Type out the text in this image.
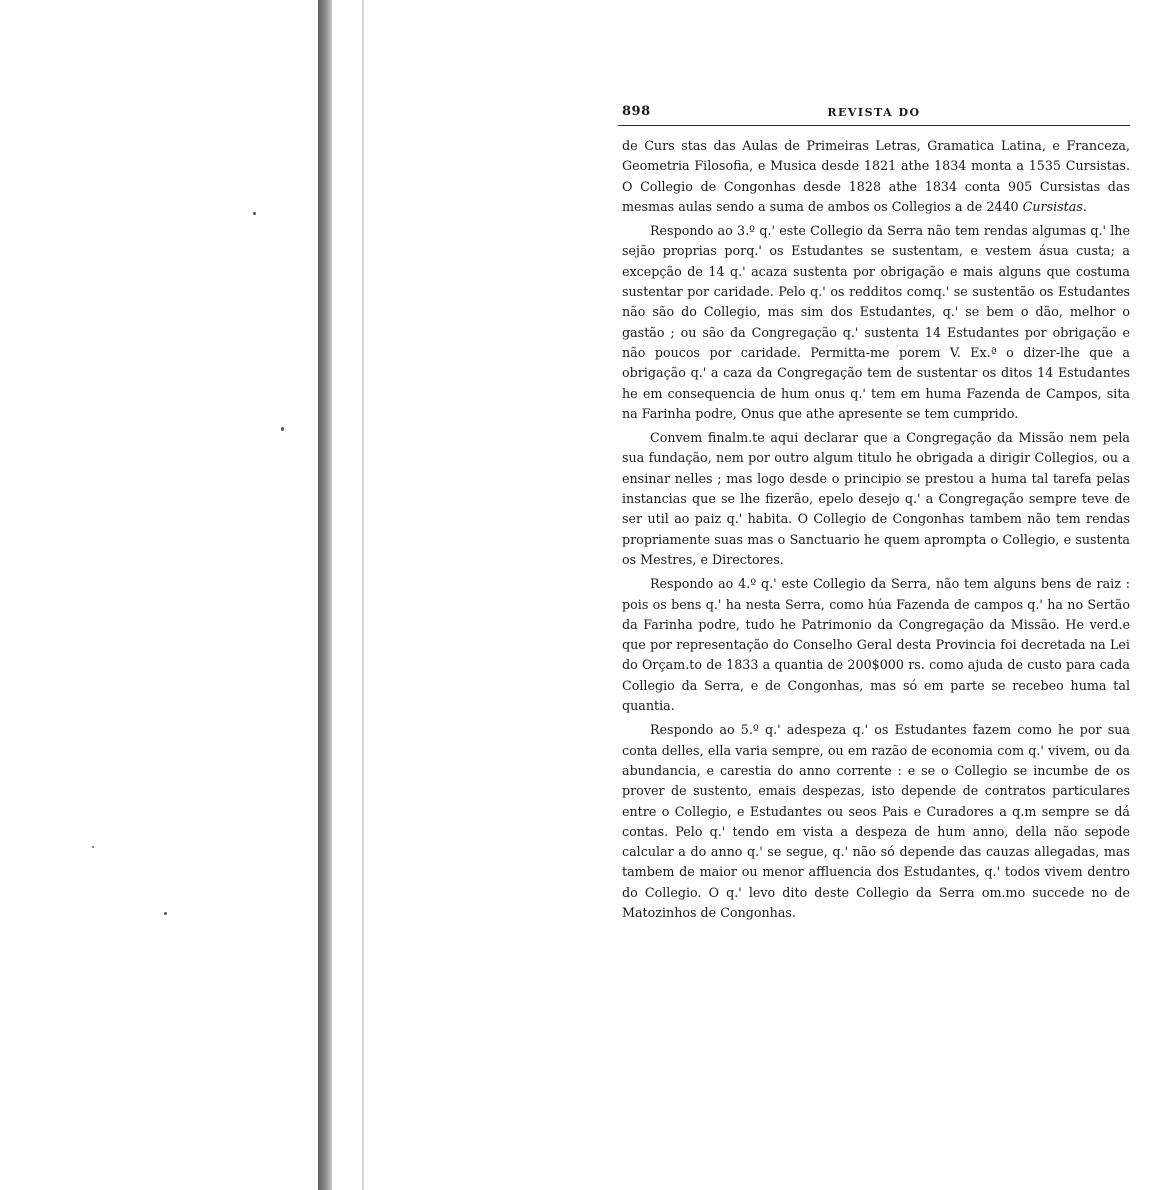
898	REVISTA DO

de Curs stas das Aulas de Primeiras Letras, Gramatica Latina, e Franceza, Geometria Filosofia, e Musica desde 1821 athe 1834 monta a 1535 Cursistas. O Collegio de Congonhas desde 1828 athe 1834 conta 905 Cursistas das mesmas aulas sendo a suma de ambos os Collegios a de 2440 Cursistas.

Respondo ao 3.º q.' este Collegio da Serra não tem rendas algumas q.' lhe sejão proprias porq.' os Estudantes se sustentam, e vestem ásua custa; a excepção de 14 q.' acaza sustenta por obrigação e mais alguns que costuma sustentar por caridade. Pelo q.' os redditos comq.' se sustentão os Estudantes não são do Collegio, mas sim dos Estudantes, q.' se bem o dão, melhor o gastão ; ou são da Congregação q.' sustenta 14 Estudantes por obrigação e não poucos por caridade. Permitta-me porem V. Ex.ª o dizer-lhe que a obrigação q.' a caza da Congregação tem de sustentar os ditos 14 Estudantes he em consequencia de hum onus q.' tem em huma Fazenda de Campos, sita na Farinha podre, Onus que athe apresente se tem cumprido.

Convem finalm.te aqui declarar que a Congregação da Missão nem pela sua fundação, nem por outro algum titulo he obrigada a dirigir Collegios, ou a ensinar nelles ; mas logo desde o principio se prestou a huma tal tarefa pelas instancias que se lhe fizerão, epelo desejo q.' a Congregação sempre teve de ser util ao paiz q.' habita. O Collegio de Congonhas tambem não tem rendas propriamente suas mas o Sanctuario he quem aprompta o Collegio, e sustenta os Mestres, e Directores.

Respondo ao 4.º q.' este Collegio da Serra, não tem alguns bens de raiz : pois os bens q.' ha nesta Serra, como húa Fazenda de campos q.' ha no Sertão da Farinha podre, tudo he Patrimonio da Congregação da Missão. He verd.e que por representação do Conselho Geral desta Provincia foi decretada na Lei do Orçam.to de 1833 a quantia de 200$000 rs. como ajuda de custo para cada Collegio da Serra, e de Congonhas, mas só em parte se recebeo huma tal quantia.

Respondo ao 5.º q.' adespeza q.' os Estudantes fazem como he por sua conta delles, ella varia sempre, ou em razão de economia com q.' vivem, ou da abundancia, e carestia do anno corrente : e se o Collegio se incumbe de os prover de sustento, emais despezas, isto depende de contratos particulares entre o Collegio, e Estudantes ou seos Pais e Curadores a q.m sempre se dá contas. Pelo q.' tendo em vista a despeza de hum anno, della não sepode calcular a do anno q.' se segue, q.' não só depende das cauzas allegadas, mas tambem de maior ou menor affluencia dos Estudantes, q.' todos vivem dentro do Collegio. O q.' levo dito deste Collegio da Serra om.mo succede no de Matozinhos de Congonhas.
